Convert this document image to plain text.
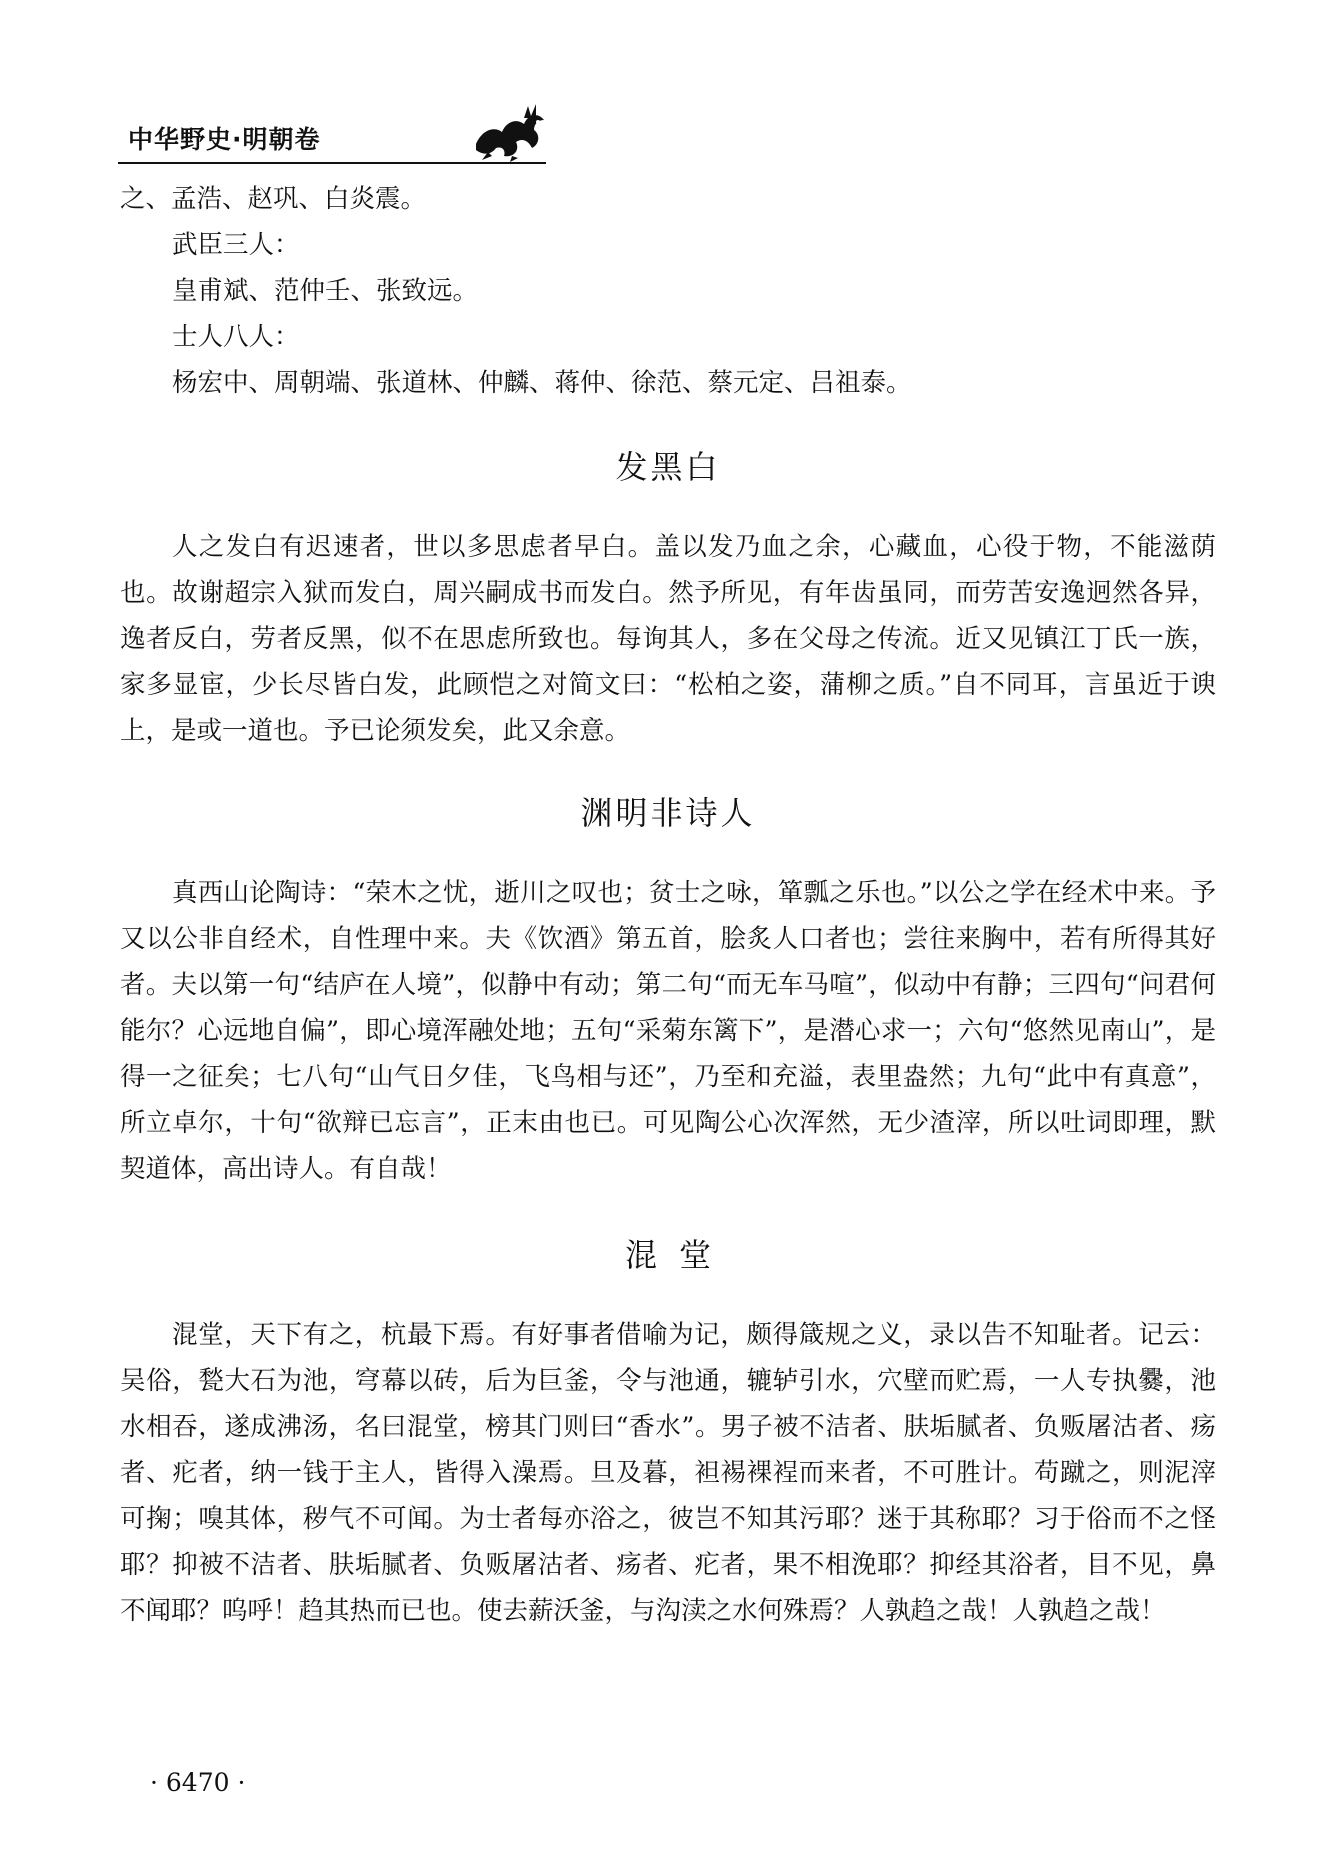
中华野史·明朝卷
之、孟浩、赵巩、白炎震。
武臣三人：
皇甫斌、范仲壬、张致远。
士人八人：
杨宏中、周朝端、张道林、仲麟、蒋仲、徐范、蔡元定、吕祖泰。
发黑白

人之发白有迟速者，世以多思虑者早白。盖以发乃血之余，心藏血，心役于物，不能滋荫也。故谢超宗入狱而发白，周兴嗣成书而发白。然予所见，有年齿虽同，而劳苦安逸迥然各异，逸者反白，劳者反黑，似不在思虑所致也。每询其人，多在父母之传流。近又见镇江丁氏一族，家多显宦，少长尽皆白发，此顾恺之对简文曰：“松柏之姿，蒲柳之质。”自不同耳，言虽近于谀上，是或一道也。予已论须发矣，此又余意。

渊明非诗人

真西山论陶诗：“荣木之忧，逝川之叹也；贫士之咏，箪瓢之乐也。”以公之学在经术中来。予又以公非自经术，自性理中来。夫《饮酒》第五首，脍炙人口者也；尝往来胸中，若有所得其好者。夫以第一句“结庐在人境”，似静中有动；第二句“而无车马喧”，似动中有静；三四句“问君何能尔？心远地自偏”，即心境浑融处地；五句“采菊东篱下”，是潜心求一；六句“悠然见南山”，是得一之征矣；七八句“山气日夕佳，飞鸟相与还”，乃至和充溢，表里盎然；九句“此中有真意”，所立卓尔，十句“欲辩已忘言”，正末由也已。可见陶公心次浑然，无少渣滓，所以吐词即理，默契道体，高出诗人。有自哉！

混堂

混堂，天下有之，杭最下焉。有好事者借喻为记，颇得箴规之义，录以告不知耻者。记云：吴俗，甃大石为池，穹幕以砖，后为巨釜，令与池通，辘轳引水，穴壁而贮焉，一人专执爨，池水相吞，遂成沸汤，名曰混堂，榜其门则曰“香水”。男子被不洁者、肤垢腻者、负贩屠沽者、疡者、疕者，纳一钱于主人，皆得入澡焉。旦及暮，袒裼裸裎而来者，不可胜计。苟蹴之，则泥滓可掬；嗅其体，秽气不可闻。为士者每亦浴之，彼岂不知其污耶？迷于其称耶？习于俗而不之怪耶？抑被不洁者、肤垢腻者、负贩屠沽者、疡者、疕者，果不相浼耶？抑经其浴者，目不见，鼻不闻耶？呜呼！趋其热而已也。使去薪沃釜，与沟渎之水何殊焉？人孰趋之哉！人孰趋之哉！

· 6470 ·
